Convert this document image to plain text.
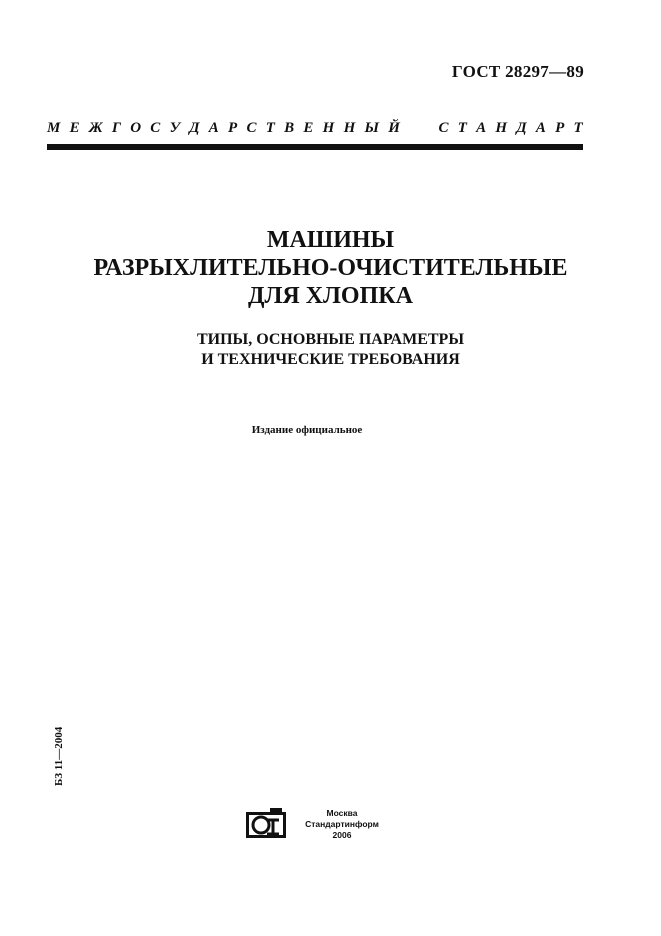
ГОСТ 28297—89
М Е Ж Г О С У Д А Р С Т В Е Н Н Ы Й	С Т А Н Д А Р Т
МАШИНЫ
РАЗРЫХЛИТЕЛЬНО-ОЧИСТИТЕЛЬНЫЕ
ДЛЯ ХЛОПКА
ТИПЫ, ОСНОВНЫЕ ПАРАМЕТРЫ
И ТЕХНИЧЕСКИЕ ТРЕБОВАНИЯ
Издание официальное
БЗ 11—2004
Москва
Стандартинформ
2006
